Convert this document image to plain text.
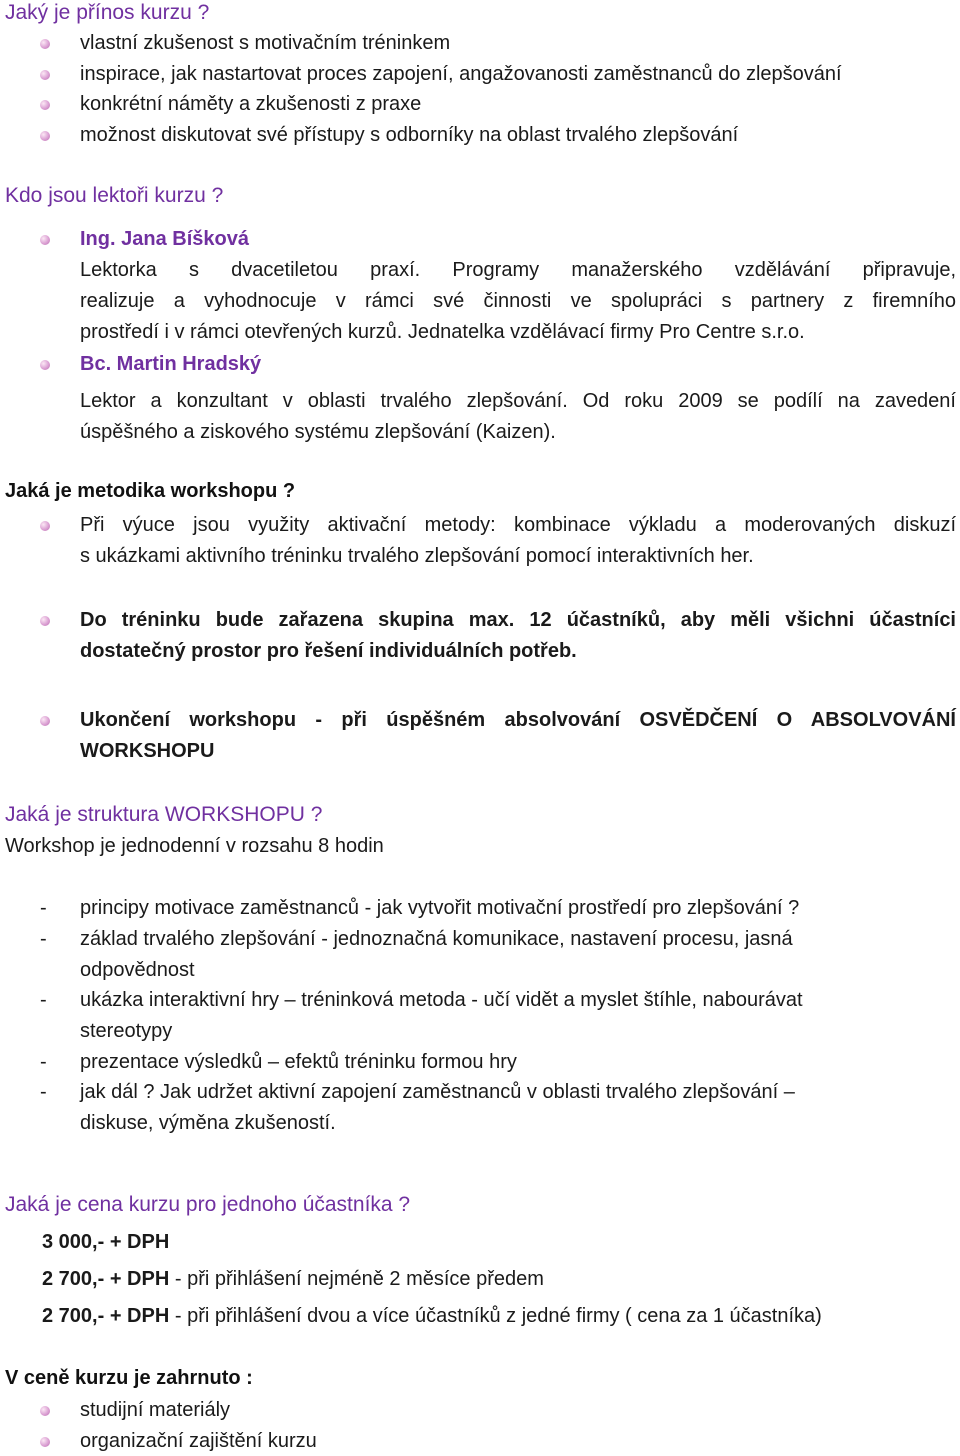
Jaký je přínos kurzu ?
vlastní zkušenost s motivačním tréninkem
inspirace, jak nastartovat proces zapojení, angažovanosti zaměstnanců do zlepšování
konkrétní náměty a zkušenosti z praxe
možnost diskutovat své přístupy s odborníky na oblast trvalého zlepšování
Kdo jsou lektoři kurzu ?
Ing. Jana Bíšková
Lektorka s dvacetiletou praxí. Programy manažerského vzdělávání připravuje,
realizuje a vyhodnocuje v rámci své činnosti ve spolupráci s partnery z firemního
prostředí i v rámci otevřených kurzů. Jednatelka vzdělávací firmy Pro Centre s.r.o.
Bc. Martin Hradský
Lektor a konzultant v oblasti trvalého zlepšování. Od roku 2009 se podílí na zavedení
úspěšného a ziskového systému zlepšování (Kaizen).
Jaká je metodika workshopu ?
Při výuce jsou využity aktivační metody: kombinace výkladu a moderovaných diskuzí
s ukázkami aktivního tréninku trvalého zlepšování pomocí interaktivních her.
Do tréninku bude zařazena skupina max. 12 účastníků, aby měli všichni účastníci
dostatečný prostor pro řešení individuálních potřeb.
Ukončení workshopu - při úspěšném absolvování OSVĚDČENÍ O ABSOLVOVÁNÍ
WORKSHOPU
Jaká je struktura WORKSHOPU ?
Workshop je jednodenní v rozsahu 8 hodin
- principy motivace zaměstnanců - jak vytvořit motivační prostředí pro zlepšování ?
- základ trvalého zlepšování - jednoznačná komunikace, nastavení procesu, jasná
odpovědnost
- ukázka interaktivní hry – tréninková metoda - učí vidět a myslet štíhle, nabourávat
stereotypy
- prezentace výsledků – efektů tréninku formou hry
- jak dál ? Jak udržet aktivní zapojení zaměstnanců v oblasti trvalého zlepšování –
diskuse, výměna zkušeností.
Jaká je cena kurzu pro jednoho účastníka ?
3 000,- + DPH
2 700,- + DPH - při přihlášení nejméně 2 měsíce předem
2 700,- + DPH - při přihlášení dvou a více účastníků z jedné firmy ( cena za 1 účastníka)
V ceně kurzu je zahrnuto :
studijní materiály
organizační zajištění kurzu
